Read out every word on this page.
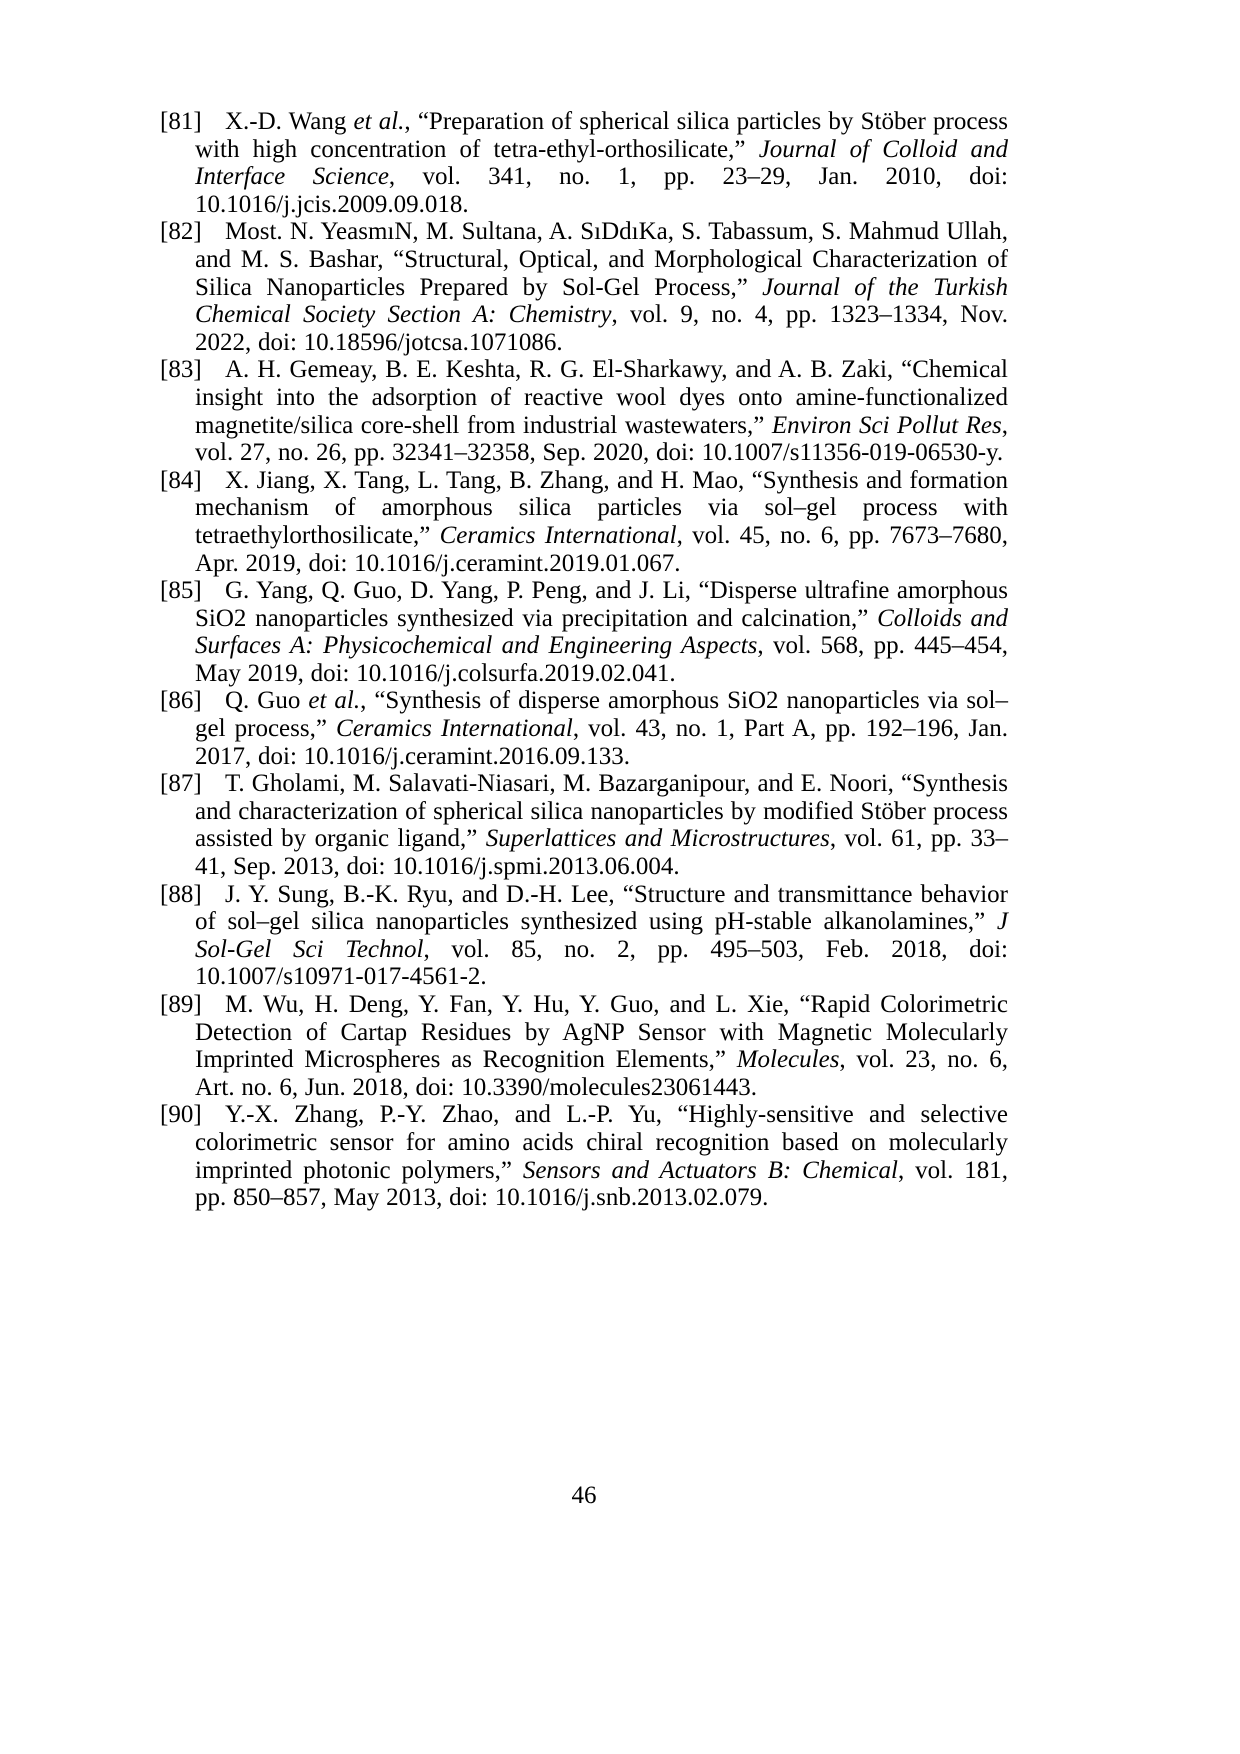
[81] X.-D. Wang et al., “Preparation of spherical silica particles by Stöber process with high concentration of tetra-ethyl-orthosilicate,” Journal of Colloid and Interface Science, vol. 341, no. 1, pp. 23–29, Jan. 2010, doi: 10.1016/j.jcis.2009.09.018.

[82] Most. N. YeasmıN, M. Sultana, A. SıDdıKa, S. Tabassum, S. Mahmud Ullah, and M. S. Bashar, “Structural, Optical, and Morphological Characterization of Silica Nanoparticles Prepared by Sol-Gel Process,” Journal of the Turkish Chemical Society Section A: Chemistry, vol. 9, no. 4, pp. 1323–1334, Nov. 2022, doi: 10.18596/jotcsa.1071086.

[83] A. H. Gemeay, B. E. Keshta, R. G. El-Sharkawy, and A. B. Zaki, “Chemical insight into the adsorption of reactive wool dyes onto amine-functionalized magnetite/silica core-shell from industrial wastewaters,” Environ Sci Pollut Res, vol. 27, no. 26, pp. 32341–32358, Sep. 2020, doi: 10.1007/s11356-019-06530-y.

[84] X. Jiang, X. Tang, L. Tang, B. Zhang, and H. Mao, “Synthesis and formation mechanism of amorphous silica particles via sol–gel process with tetraethylorthosilicate,” Ceramics International, vol. 45, no. 6, pp. 7673–7680, Apr. 2019, doi: 10.1016/j.ceramint.2019.01.067.

[85] G. Yang, Q. Guo, D. Yang, P. Peng, and J. Li, “Disperse ultrafine amorphous SiO2 nanoparticles synthesized via precipitation and calcination,” Colloids and Surfaces A: Physicochemical and Engineering Aspects, vol. 568, pp. 445–454, May 2019, doi: 10.1016/j.colsurfa.2019.02.041.

[86] Q. Guo et al., “Synthesis of disperse amorphous SiO2 nanoparticles via sol–gel process,” Ceramics International, vol. 43, no. 1, Part A, pp. 192–196, Jan. 2017, doi: 10.1016/j.ceramint.2016.09.133.

[87] T. Gholami, M. Salavati-Niasari, M. Bazarganipour, and E. Noori, “Synthesis and characterization of spherical silica nanoparticles by modified Stöber process assisted by organic ligand,” Superlattices and Microstructures, vol. 61, pp. 33–41, Sep. 2013, doi: 10.1016/j.spmi.2013.06.004.

[88] J. Y. Sung, B.-K. Ryu, and D.-H. Lee, “Structure and transmittance behavior of sol–gel silica nanoparticles synthesized using pH-stable alkanolamines,” J Sol-Gel Sci Technol, vol. 85, no. 2, pp. 495–503, Feb. 2018, doi: 10.1007/s10971-017-4561-2.

[89] M. Wu, H. Deng, Y. Fan, Y. Hu, Y. Guo, and L. Xie, “Rapid Colorimetric Detection of Cartap Residues by AgNP Sensor with Magnetic Molecularly Imprinted Microspheres as Recognition Elements,” Molecules, vol. 23, no. 6, Art. no. 6, Jun. 2018, doi: 10.3390/molecules23061443.

[90] Y.-X. Zhang, P.-Y. Zhao, and L.-P. Yu, “Highly-sensitive and selective colorimetric sensor for amino acids chiral recognition based on molecularly imprinted photonic polymers,” Sensors and Actuators B: Chemical, vol. 181, pp. 850–857, May 2013, doi: 10.1016/j.snb.2013.02.079.

46
